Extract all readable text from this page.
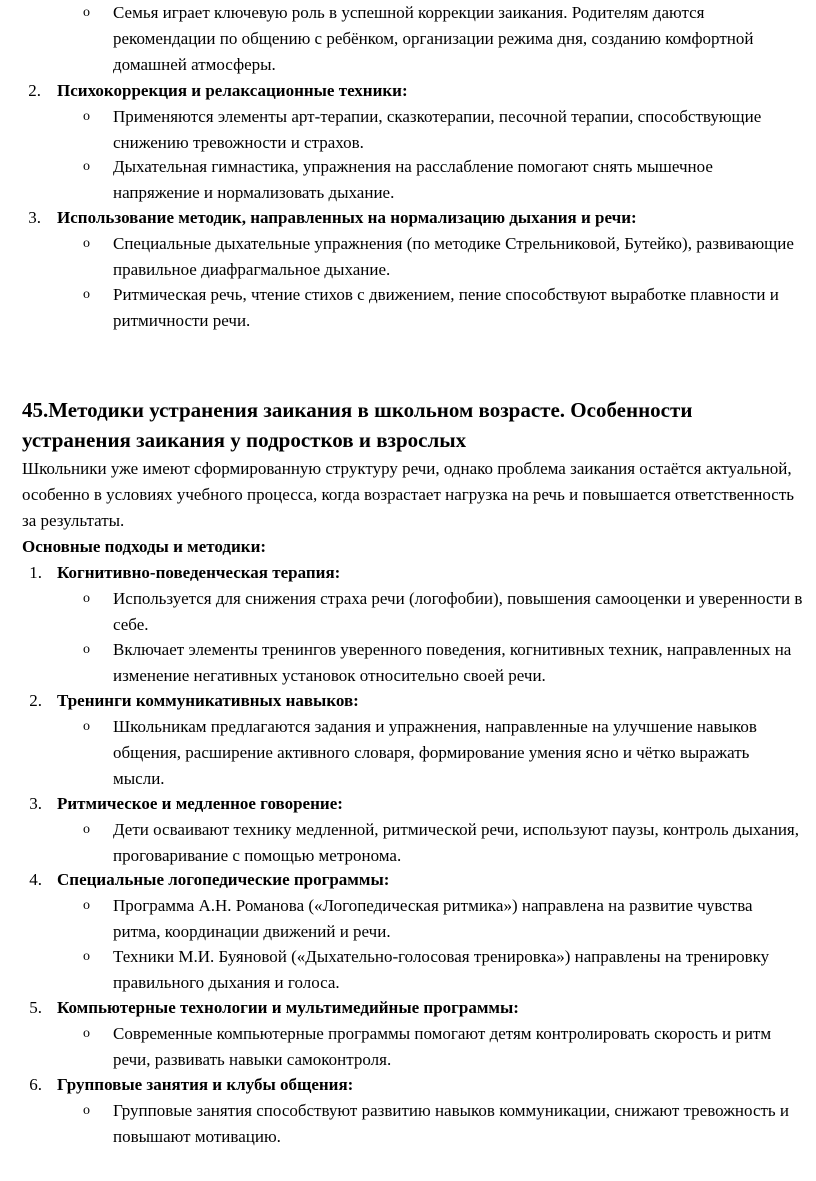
o Семья играет ключевую роль в успешной коррекции заикания. Родителям даются рекомендации по общению с ребёнком, организации режима дня, созданию комфортной домашней атмосферы.
2. Психокоррекция и релаксационные техники:
o Применяются элементы арт-терапии, сказкотерапии, песочной терапии, способствующие снижению тревожности и страхов.
o Дыхательная гимнастика, упражнения на расслабление помогают снять мышечное напряжение и нормализовать дыхание.
3. Использование методик, направленных на нормализацию дыхания и речи:
o Специальные дыхательные упражнения (по методике Стрельниковой, Бутейко), развивающие правильное диафрагмальное дыхание.
o Ритмическая речь, чтение стихов с движением, пение способствуют выработке плавности и ритмичности речи.
45.Методики устранения заикания в школьном возрасте. Особенности устранения заикания у подростков и взрослых
Школьники уже имеют сформированную структуру речи, однако проблема заикания остаётся актуальной, особенно в условиях учебного процесса, когда возрастает нагрузка на речь и повышается ответственность за результаты.
Основные подходы и методики:
1. Когнитивно-поведенческая терапия:
o Используется для снижения страха речи (логофобии), повышения самооценки и уверенности в себе.
o Включает элементы тренингов уверенного поведения, когнитивных техник, направленных на изменение негативных установок относительно своей речи.
2. Тренинги коммуникативных навыков:
o Школьникам предлагаются задания и упражнения, направленные на улучшение навыков общения, расширение активного словаря, формирование умения ясно и чётко выражать мысли.
3. Ритмическое и медленное говорение:
o Дети осваивают технику медленной, ритмической речи, используют паузы, контроль дыхания, проговаривание с помощью метронома.
4. Специальные логопедические программы:
o Программа А.Н. Романова («Логопедическая ритмика») направлена на развитие чувства ритма, координации движений и речи.
o Техники М.И. Буяновой («Дыхательно-голосовая тренировка») направлены на тренировку правильного дыхания и голоса.
5. Компьютерные технологии и мультимедийные программы:
o Современные компьютерные программы помогают детям контролировать скорость и ритм речи, развивать навыки самоконтроля.
6. Групповые занятия и клубы общения:
o Групповые занятия способствуют развитию навыков коммуникации, снижают тревожность и повышают мотивацию.
